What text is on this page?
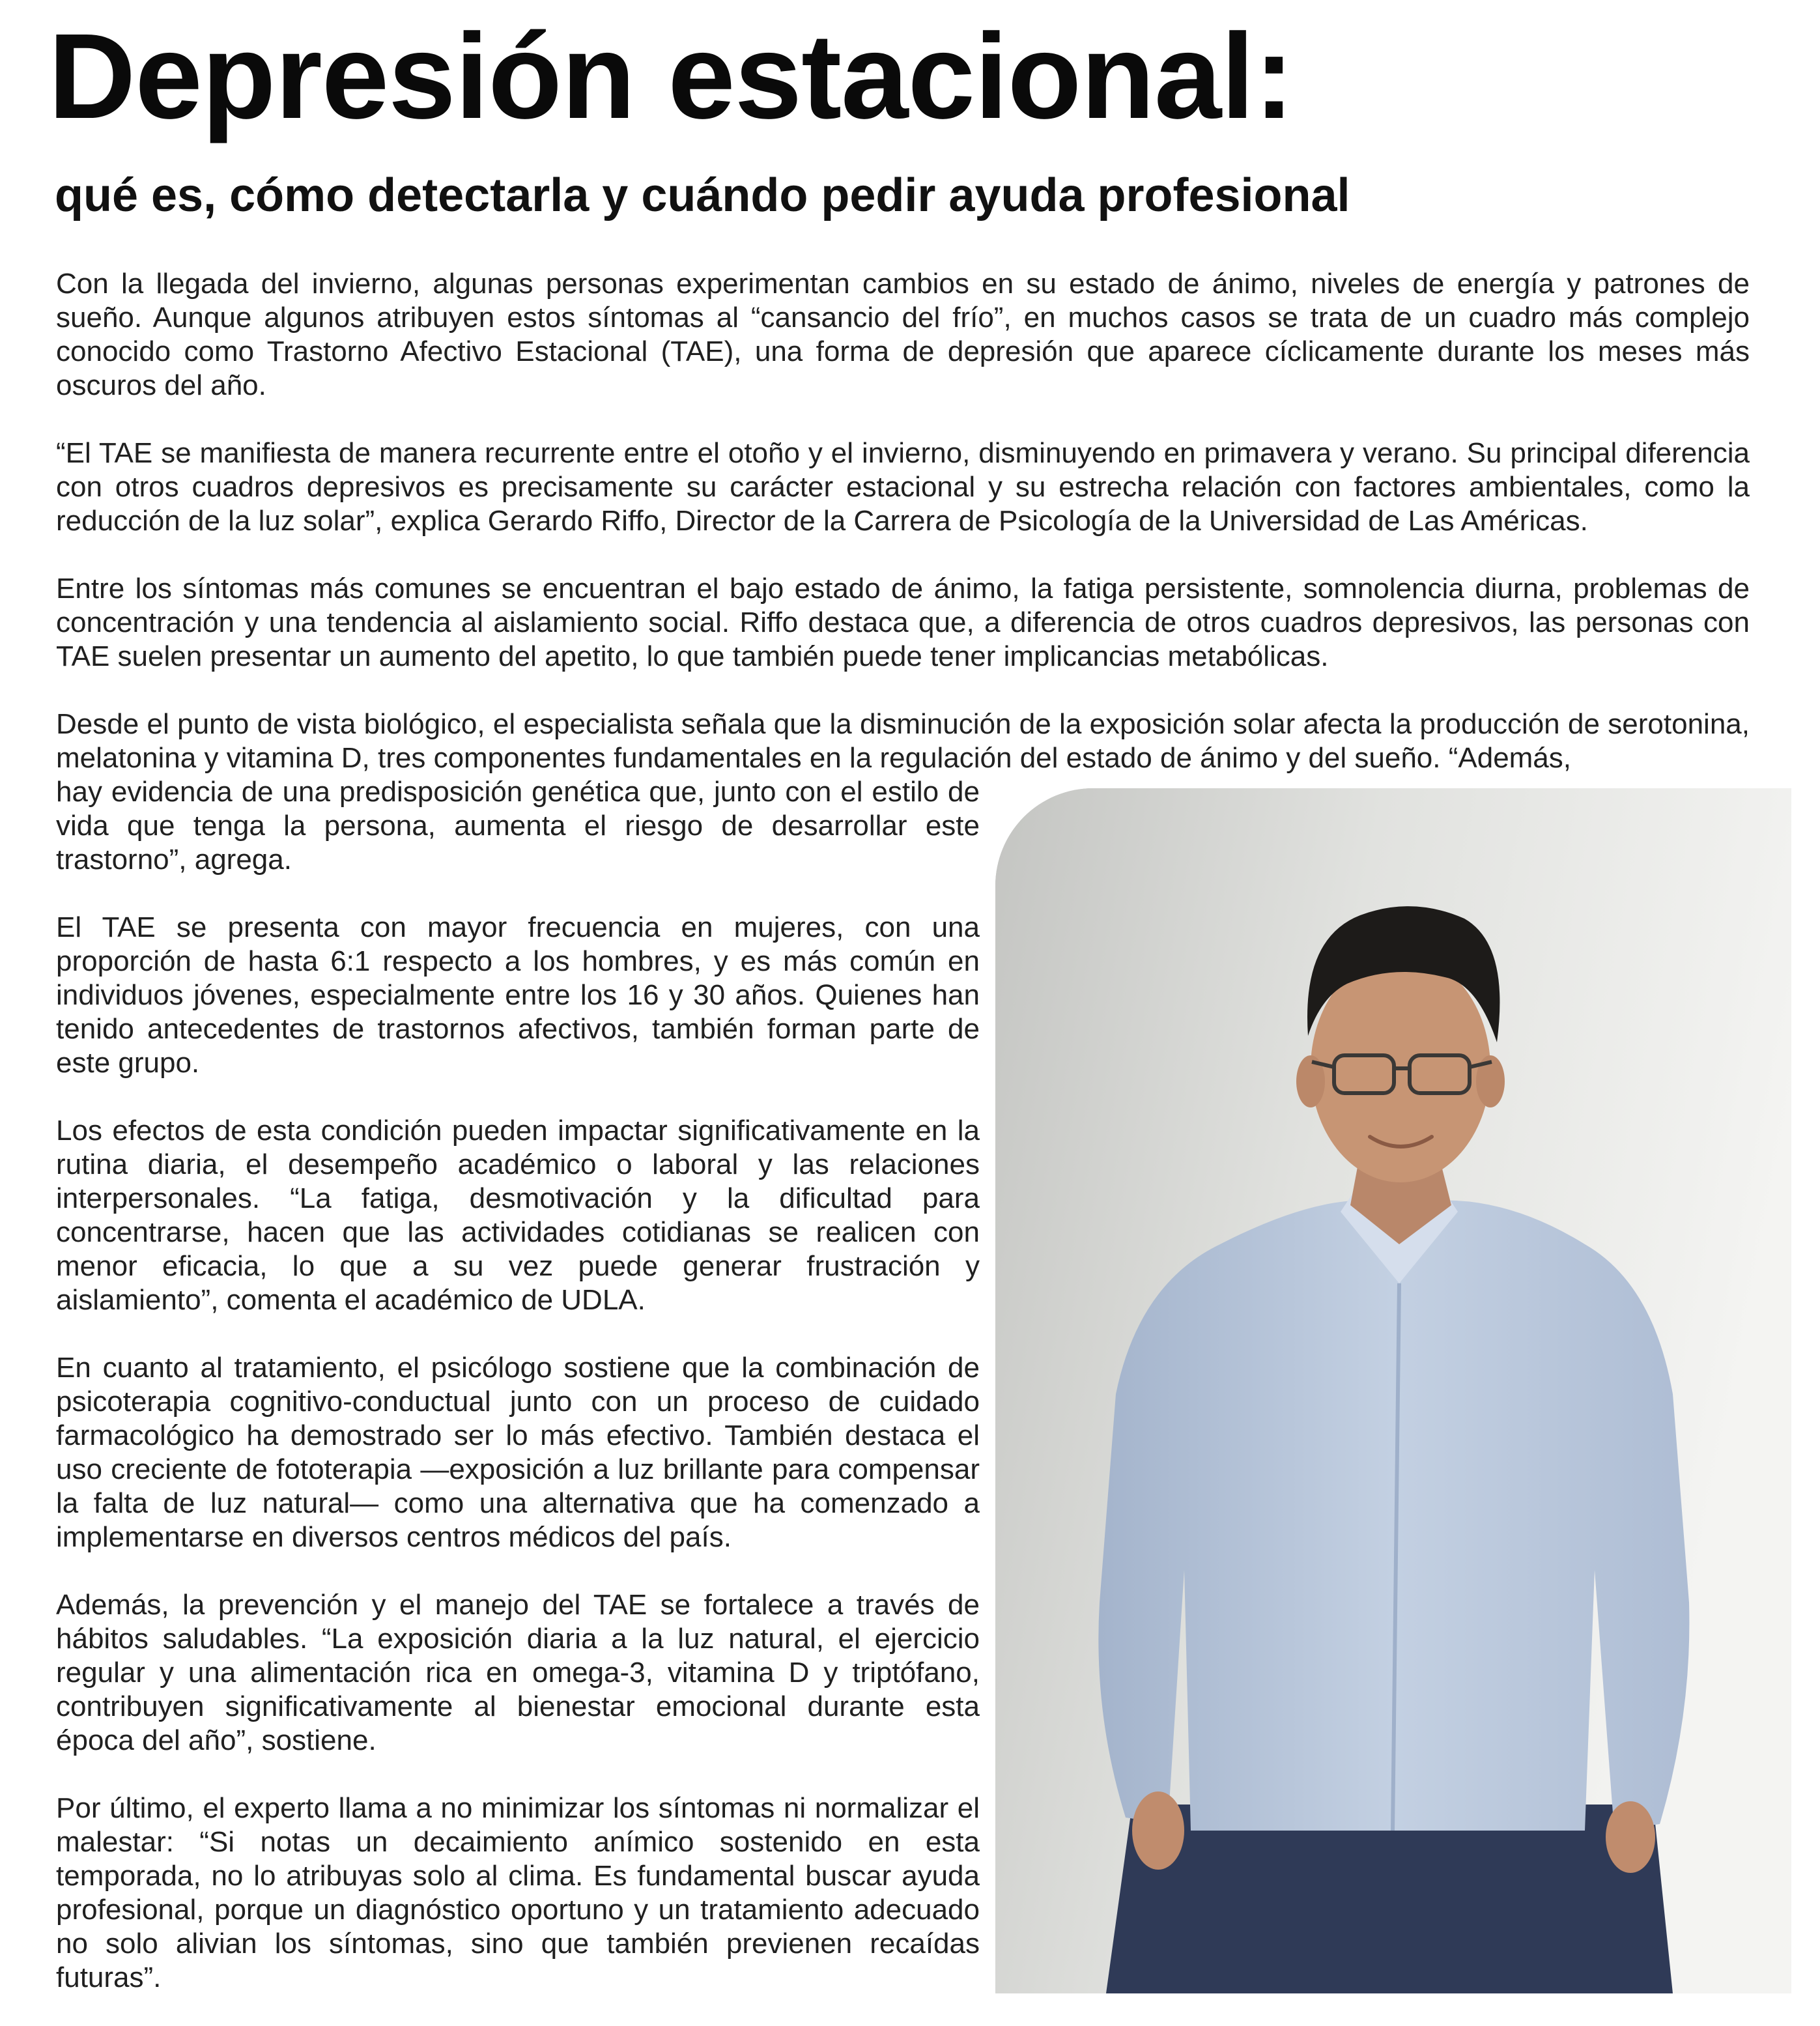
Depresión estacional:
qué es, cómo detectarla y cuándo pedir ayuda profesional

Con la llegada del invierno, algunas personas experimentan cambios en su estado de ánimo, niveles de energía y patrones de sueño. Aunque algunos atribuyen estos síntomas al “cansancio del frío”, en muchos casos se trata de un cuadro más complejo conocido como Trastorno Afectivo Estacional (TAE), una forma de depresión que aparece cíclicamente durante los meses más oscuros del año.

“El TAE se manifiesta de manera recurrente entre el otoño y el invierno, disminuyendo en primavera y verano. Su principal diferencia con otros cuadros depresivos es precisamente su carácter estacional y su estrecha relación con factores ambientales, como la reducción de la luz solar”, explica Gerardo Riffo, Director de la Carrera de Psicología de la Universidad de Las Américas.

Entre los síntomas más comunes se encuentran el bajo estado de ánimo, la fatiga persistente, somnolencia diurna, problemas de concentración y una tendencia al aislamiento social. Riffo destaca que, a diferencia de otros cuadros depresivos, las personas con TAE suelen presentar un aumento del apetito, lo que también puede tener implicancias metabólicas.

Desde el punto de vista biológico, el especialista señala que la disminución de la exposición solar afecta la producción de serotonina, melatonina y vitamina D, tres componentes fundamentales en la regulación del estado de ánimo y del sueño. “Además,

hay evidencia de una predisposición genética que, junto con el estilo de vida que tenga la persona, aumenta el riesgo de desarrollar este trastorno”, agrega.

El TAE se presenta con mayor frecuencia en mujeres, con una proporción de hasta 6:1 respecto a los hombres, y es más común en individuos jóvenes, especialmente entre los 16 y 30 años. Quienes han tenido antecedentes de trastornos afectivos, también forman parte de este grupo.

Los efectos de esta condición pueden impactar significativamente en la rutina diaria, el desempeño académico o laboral y las relaciones interpersonales. “La fatiga, desmotivación y la dificultad para concentrarse, hacen que las actividades cotidianas se realicen con menor eficacia, lo que a su vez puede generar frustración y aislamiento”, comenta el académico de UDLA.

En cuanto al tratamiento, el psicólogo sostiene que la combinación de psicoterapia cognitivo-conductual junto con un proceso de cuidado farmacológico ha demostrado ser lo más efectivo. También destaca el uso creciente de fototerapia —exposición a luz brillante para compensar la falta de luz natural— como una alternativa que ha comenzado a implementarse en diversos centros médicos del país.

Además, la prevención y el manejo del TAE se fortalece a través de hábitos saludables. “La exposición diaria a la luz natural, el ejercicio regular y una alimentación rica en omega-3, vitamina D y triptófano, contribuyen significativamente al bienestar emocional durante esta época del año”, sostiene.

Por último, el experto llama a no minimizar los síntomas ni normalizar el malestar: “Si notas un decaimiento anímico sostenido en esta temporada, no lo atribuyas solo al clima. Es fundamental buscar ayuda profesional, porque un diagnóstico oportuno y un tratamiento adecuado no solo alivian los síntomas, sino que también previenen recaídas futuras”.
